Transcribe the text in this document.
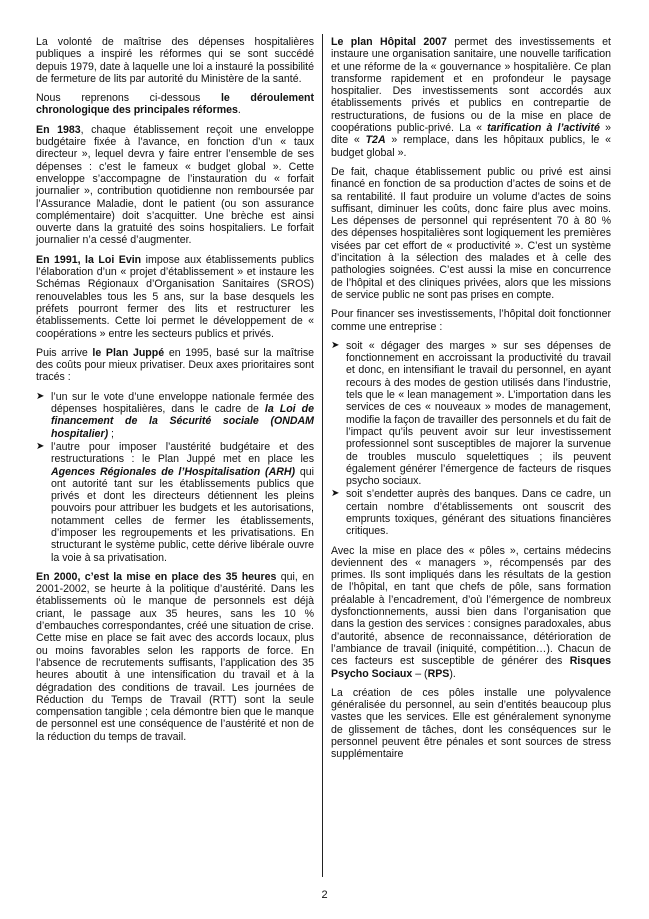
La volonté de maîtrise des dépenses hospitalières publiques a inspiré les réformes qui se sont succédé depuis 1979, date à laquelle une loi a instauré la possibilité de fermeture de lits par autorité du Ministère de la santé.

Nous reprenons ci-dessous le déroulement chronologique des principales réformes.

En 1983, chaque établissement reçoit une enveloppe budgétaire fixée à l’avance, en fonction d’un « taux directeur », lequel devra y faire entrer l’ensemble de ses dépenses : c’est le fameux « budget global ». Cette enveloppe s’accompagne de l’instauration du « forfait journalier », contribution quotidienne non remboursée par l’Assurance Maladie, dont le patient (ou son assurance complémentaire) doit s’acquitter. Une brèche est ainsi ouverte dans la gratuité des soins hospitaliers. Le forfait journalier n’a cessé d’augmenter.

En 1991, la Loi Evin impose aux établissements publics l’élaboration d’un « projet d’établissement » et instaure les Schémas Régionaux d’Organisation Sanitaires (SROS) renouvelables tous les 5 ans, sur la base desquels les préfets pourront fermer des lits et restructurer les établissements. Cette loi permet le développement de « coopérations » entre les secteurs publics et privés.

Puis arrive le Plan Juppé en 1995, basé sur la maîtrise des coûts pour mieux privatiser. Deux axes prioritaires sont tracés :

➤ l’un sur le vote d’une enveloppe nationale fermée des dépenses hospitalières, dans le cadre de la Loi de financement de la Sécurité sociale (ONDAM hospitalier) ;
➤ l’autre pour imposer l’austérité budgétaire et des restructurations : le Plan Juppé met en place les Agences Régionales de l’Hospitalisation (ARH) qui ont autorité tant sur les établissements publics que privés et dont les directeurs détiennent les pleins pouvoirs pour attribuer les budgets et les autorisations, notamment celles de fermer les établissements, d’imposer les regroupements et les privatisations. En structurant le système public, cette dérive libérale ouvre la voie à sa privatisation.

En 2000, c’est la mise en place des 35 heures qui, en 2001-2002, se heurte à la politique d’austérité. Dans les établissements où le manque de personnels est déjà criant, le passage aux 35 heures, sans les 10 % d’embauches correspondantes, créé une situation de crise. Cette mise en place se fait avec des accords locaux, plus ou moins favorables selon les rapports de force. En l’absence de recrutements suffisants, l’application des 35 heures aboutit à une intensification du travail et à la dégradation des conditions de travail. Les journées de Réduction du Temps de Travail (RTT) sont la seule compensation tangible ; cela démontre bien que le manque de personnel est une conséquence de l’austérité et non de la réduction du temps de travail.

Le plan Hôpital 2007 permet des investissements et instaure une organisation sanitaire, une nouvelle tarification et une réforme de la « gouvernance » hospitalière. Ce plan transforme rapidement et en profondeur le paysage hospitalier. Des investissements sont accordés aux établissements privés et publics en contrepartie de restructurations, de fusions ou de la mise en place de coopérations public-privé. La « tarification à l’activité » dite « T2A » remplace, dans les hôpitaux publics, le « budget global ».

De fait, chaque établissement public ou privé est ainsi financé en fonction de sa production d’actes de soins et de sa rentabilité. Il faut produire un volume d’actes de soins suffisant, diminuer les coûts, donc faire plus avec moins. Les dépenses de personnel qui représentent 70 à 80 % des dépenses hospitalières sont logiquement les premières visées par cet effort de « productivité ». C’est un système d’incitation à la sélection des malades et à celle des pathologies soignées. C’est aussi la mise en concurrence de l’hôpital et des cliniques privées, alors que les missions de service public ne sont pas prises en compte.

Pour financer ses investissements, l’hôpital doit fonctionner comme une entreprise :

➤ soit « dégager des marges » sur ses dépenses de fonctionnement en accroissant la productivité du travail et donc, en intensifiant le travail du personnel, en ayant recours à des modes de gestion utilisés dans l’industrie, tels que le « lean management ». L’importation dans les services de ces « nouveaux » modes de management, modifie la façon de travailler des personnels et du fait de l’impact qu’ils peuvent avoir sur leur investissement professionnel sont susceptibles de majorer la survenue de troubles musculo squelettiques ; ils peuvent également générer l’émergence de facteurs de risques psycho sociaux.
➤ soit s’endetter auprès des banques. Dans ce cadre, un certain nombre d’établissements ont souscrit des emprunts toxiques, générant des situations financières critiques.

Avec la mise en place des « pôles », certains médecins deviennent des « managers », récompensés par des primes. Ils sont impliqués dans les résultats de la gestion de l’hôpital, en tant que chefs de pôle, sans formation préalable à l’encadrement, d’où l’émergence de nombreux dysfonctionnements, aussi bien dans l’organisation que dans la gestion des services : consignes paradoxales, abus d’autorité, absence de reconnaissance, détérioration de l’ambiance de travail (iniquité, compétition…). Chacun de ces facteurs est susceptible de générer des Risques Psycho Sociaux – (RPS).

La création de ces pôles installe une polyvalence généralisée du personnel, au sein d’entités beaucoup plus vastes que les services. Elle est généralement synonyme de glissement de tâches, dont les conséquences sur le personnel peuvent être pénales et sont sources de stress supplémentaire

2
